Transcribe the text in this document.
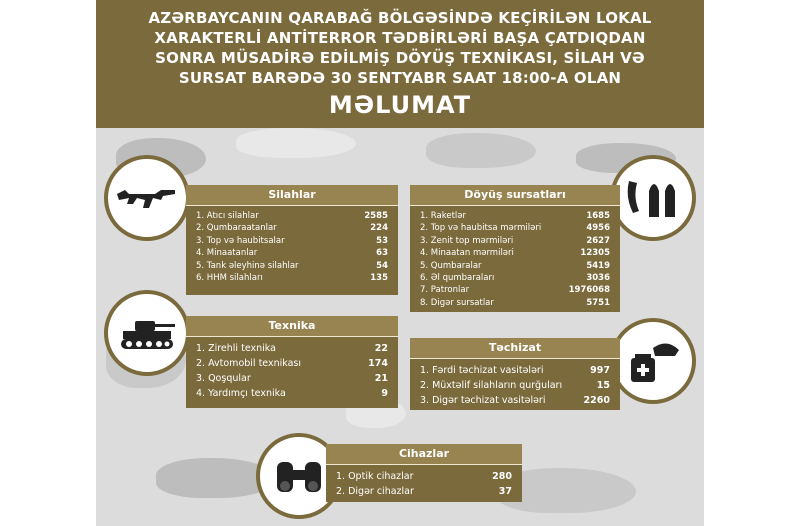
AZƏRBAYCANIN QARABAĞ BÖLGƏSİNDƏ KEÇİRİLƏN LOKAL
XARAKTERLİ ANTİTERROR TƏDBİRLƏRİ BAŞA ÇATDIQDAN
SONRA MÜSADİRƏ EDİLMİŞ DÖYÜŞ TEXNİKASI, SİLAH VƏ
SURSAT BARƏDƏ 30 SENTYABR SAAT 18:00-A OLAN
MƏLUMAT
Silahlar
1. Atıcı silahlar	2585
2. Qumbaraatanlar	224
3. Top və haubitsalar	53
4. Minaatanlar	63
5. Tank əleyhinə silahlar	54
6. HHM silahları	135
Döyüş sursatları
1. Raketlər	1685
2. Top və haubitsa mərmiləri	4956
3. Zenit top mərmiləri	2627
4. Minaatan mərmiləri	12305
5. Qumbaralar	5419
6. Əl qumbaraları	3036
7. Patronlar	1976068
8. Digər sursatlar	5751
Texnika
1. Zirehli texnika	22
2. Avtomobil texnikası	174
3. Qoşqular	21
4. Yardımçı texnika	9
Təchizat
1. Fərdi təchizat vasitələri	997
2. Müxtəlif silahların qurğuları	15
3. Digər təchizat vasitələri	2260
Cihazlar
1. Optik cihazlar	280
2. Digər cihazlar	37
